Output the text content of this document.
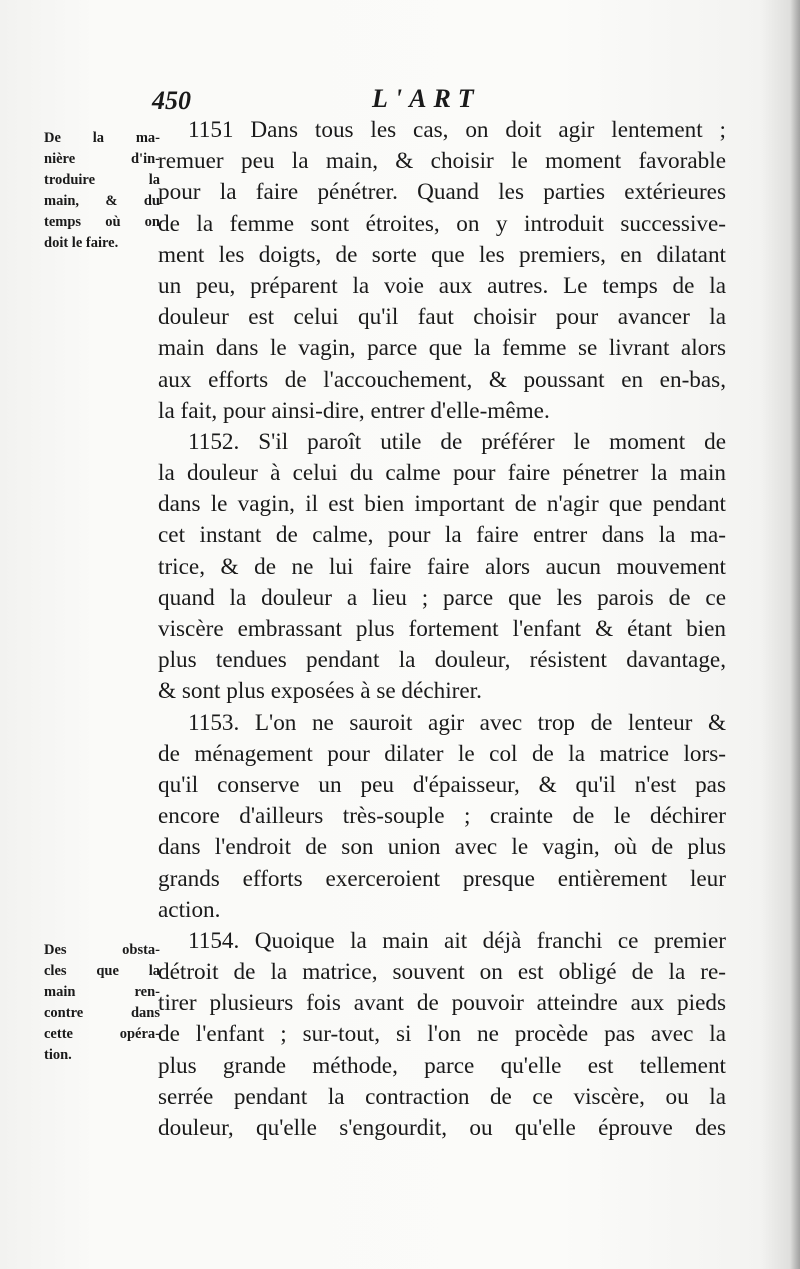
450	L'ART
De la ma-
nière d'in-
troduire la
main, & du
temps où on
doit le faire.
Des obsta-
cles que la
main ren-
contre dans
cette opéra-
tion.
1151 Dans tous les cas, on doit agir lentement ;
remuer peu la main, & choisir le moment favorable
pour la faire pénétrer. Quand les parties extérieures
de la femme sont étroites, on y introduit successive-
ment les doigts, de sorte que les premiers, en dilatant
un peu, préparent la voie aux autres. Le temps de la
douleur est celui qu'il faut choisir pour avancer la
main dans le vagin, parce que la femme se livrant alors
aux efforts de l'accouchement, & poussant en en-bas,
la fait, pour ainsi-dire, entrer d'elle-même.
1152. S'il paroît utile de préférer le moment de
la douleur à celui du calme pour faire pénetrer la main
dans le vagin, il est bien important de n'agir que pendant
cet instant de calme, pour la faire entrer dans la ma-
trice, & de ne lui faire faire alors aucun mouvement
quand la douleur a lieu ; parce que les parois de ce
viscère embrassant plus fortement l'enfant & étant bien
plus tendues pendant la douleur, résistent davantage,
& sont plus exposées à se déchirer.
1153. L'on ne sauroit agir avec trop de lenteur &
de ménagement pour dilater le col de la matrice lors-
qu'il conserve un peu d'épaisseur, & qu'il n'est pas
encore d'ailleurs très-souple ; crainte de le déchirer
dans l'endroit de son union avec le vagin, où de plus
grands efforts exerceroient presque entièrement leur
action.
1154. Quoique la main ait déjà franchi ce premier
détroit de la matrice, souvent on est obligé de la re-
tirer plusieurs fois avant de pouvoir atteindre aux pieds
de l'enfant ; sur-tout, si l'on ne procède pas avec la
plus grande méthode, parce qu'elle est tellement
serrée pendant la contraction de ce viscère, ou la
douleur, qu'elle s'engourdit, ou qu'elle éprouve des
